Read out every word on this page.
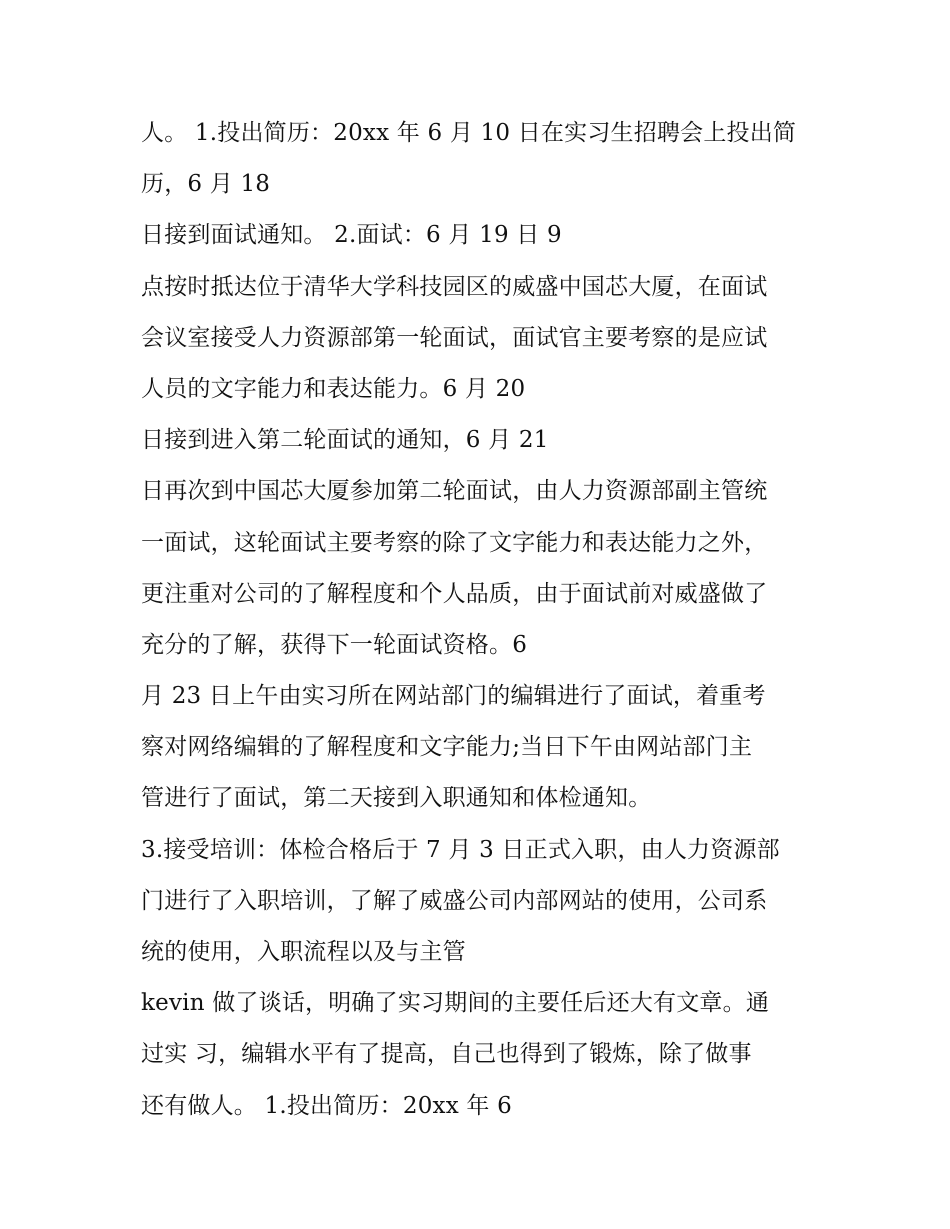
人。 1.投出简历：20xx 年 6 月 10 日在实习生招聘会上投出简
历，6 月 18
日接到面试通知。 2.面试：6 月 19 日 9
点按时抵达位于清华大学科技园区的威盛中国芯大厦，在面试
会议室接受人力资源部第一轮面试，面试官主要考察的是应试
人员的文字能力和表达能力。6 月 20
日接到进入第二轮面试的通知，6 月 21
日再次到中国芯大厦参加第二轮面试，由人力资源部副主管统
一面试，这轮面试主要考察的除了文字能力和表达能力之外，
更注重对公司的了解程度和个人品质，由于面试前对威盛做了
充分的了解，获得下一轮面试资格。6
月 23 日上午由实习所在网站部门的编辑进行了面试，着重考
察对网络编辑的了解程度和文字能力;当日下午由网站部门主
管进行了面试，第二天接到入职通知和体检通知。
3.接受培训：体检合格后于 7 月 3 日正式入职，由人力资源部
门进行了入职培训，了解了威盛公司内部网站的使用，公司系
统的使用，入职流程以及与主管
kevin 做了谈话，明确了实习期间的主要任后还大有文章。通
过实 习，编辑水平有了提高，自己也得到了锻炼，除了做事
还有做人。 1.投出简历：20xx 年 6
